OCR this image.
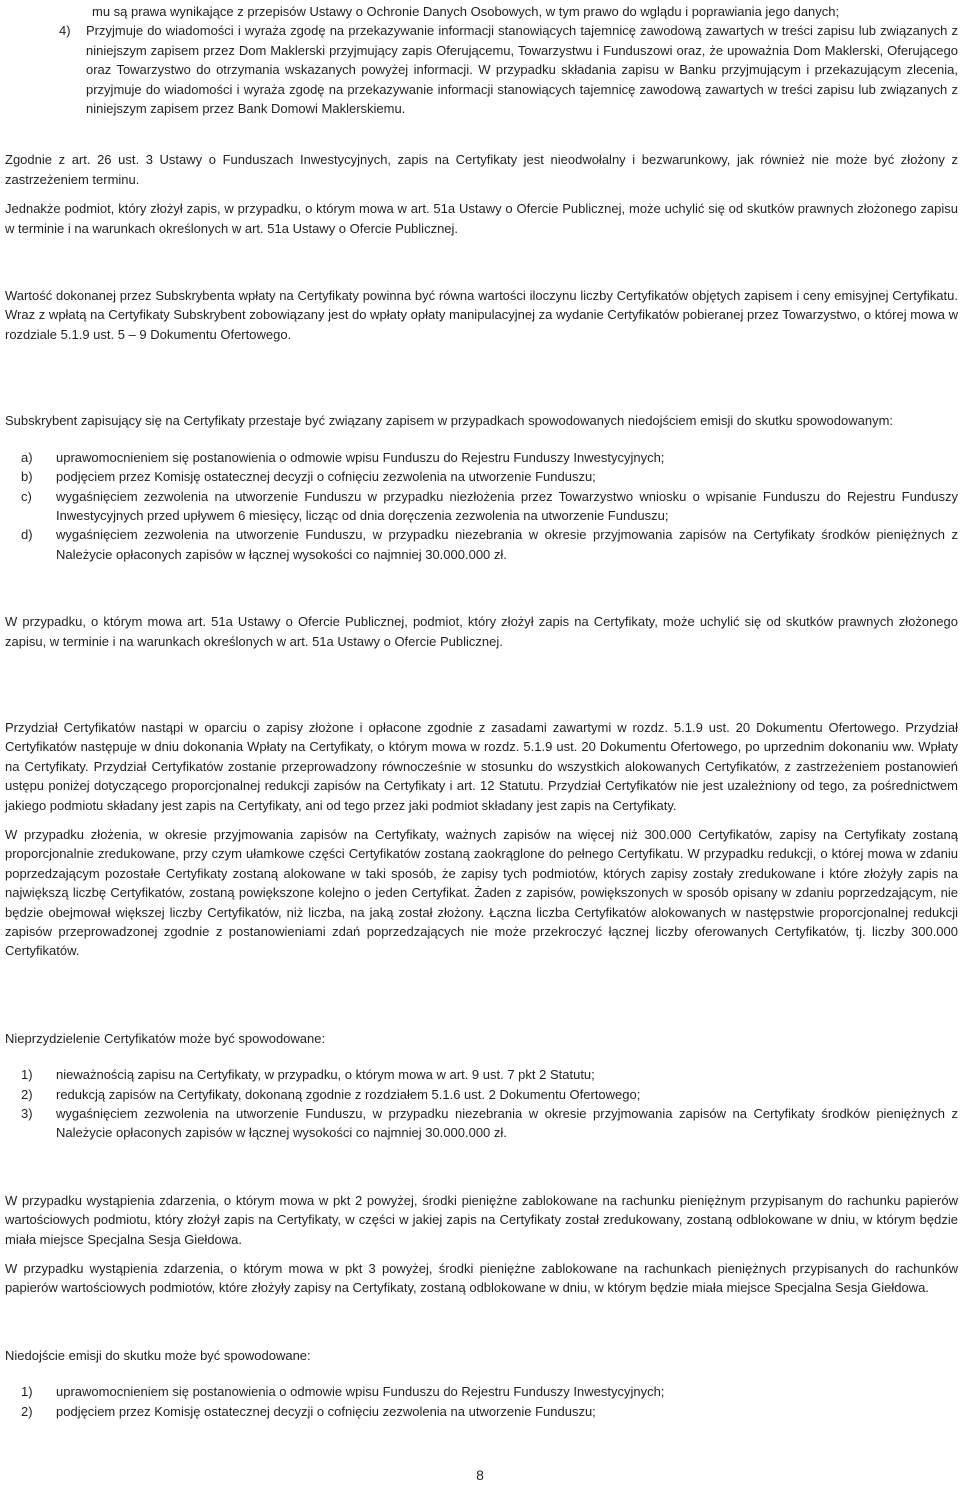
mu są prawa wynikające z przepisów Ustawy o Ochronie Danych Osobowych, w tym prawo do wglądu i poprawiania jego danych;

4) Przyjmuje do wiadomości i wyraża zgodę na przekazywanie informacji stanowiących tajemnicę zawodową zawartych w treści zapisu lub związanych z niniejszym zapisem przez Dom Maklerski przyjmujący zapis Oferującemu, Towarzystwu i Funduszowi oraz, że upoważnia Dom Maklerski, Oferującego oraz Towarzystwo do otrzymania wskazanych powyżej informacji. W przypadku składania zapisu w Banku przyjmującym i przekazującym zlecenia, przyjmuje do wiadomości i wyraża zgodę na przekazywanie informacji stanowiących tajemnicę zawodową zawartych w treści zapisu lub związanych z niniejszym zapisem przez Bank Domowi Maklerskiemu.

Zgodnie z art. 26 ust. 3 Ustawy o Funduszach Inwestycyjnych, zapis na Certyfikaty jest nieodwołalny i bezwarunkowy, jak również nie może być złożony z zastrzeżeniem terminu.

Jednakże podmiot, który złożył zapis, w przypadku, o którym mowa w art. 51a Ustawy o Ofercie Publicznej, może uchylić się od skutków prawnych złożonego zapisu w terminie i na warunkach określonych w art. 51a Ustawy o Ofercie Publicznej.

Wartość dokonanej przez Subskrybenta wpłaty na Certyfikaty powinna być równa wartości iloczynu liczby Certyfikatów objętych zapisem i ceny emisyjnej Certyfikatu. Wraz z wpłatą na Certyfikaty Subskrybent zobowiązany jest do wpłaty opłaty manipulacyjnej za wydanie Certyfikatów pobieranej przez Towarzystwo, o której mowa w rozdziale 5.1.9 ust. 5 – 9 Dokumentu Ofertowego.

Subskrybent zapisujący się na Certyfikaty przestaje być związany zapisem w przypadkach spowodowanych niedojściem emisji do skutku spowodowanym:

a) uprawomocnieniem się postanowienia o odmowie wpisu Funduszu do Rejestru Funduszy Inwestycyjnych;
b) podjęciem przez Komisję ostatecznej decyzji o cofnięciu zezwolenia na utworzenie Funduszu;
c) wygaśnięciem zezwolenia na utworzenie Funduszu w przypadku niezłożenia przez Towarzystwo wniosku o wpisanie Funduszu do Rejestru Funduszy Inwestycyjnych przed upływem 6 miesięcy, licząc od dnia doręczenia zezwolenia na utworzenie Funduszu;
d) wygaśnięciem zezwolenia na utworzenie Funduszu, w przypadku niezebrania w okresie przyjmowania zapisów na Certyfikaty środków pieniężnych z Należycie opłaconych zapisów w łącznej wysokości co najmniej 30.000.000 zł.

W przypadku, o którym mowa art. 51a Ustawy o Ofercie Publicznej, podmiot, który złożył zapis na Certyfikaty, może uchylić się od skutków prawnych złożonego zapisu, w terminie i na warunkach określonych w art. 51a Ustawy o Ofercie Publicznej.

Przydział Certyfikatów nastąpi w oparciu o zapisy złożone i opłacone zgodnie z zasadami zawartymi w rozdz. 5.1.9 ust. 20 Dokumentu Ofertowego. Przydział Certyfikatów następuje w dniu dokonania Wpłaty na Certyfikaty, o którym mowa w rozdz. 5.1.9 ust. 20 Dokumentu Ofertowego, po uprzednim dokonaniu ww. Wpłaty na Certyfikaty. Przydział Certyfikatów zostanie przeprowadzony równocześnie w stosunku do wszystkich alokowanych Certyfikatów, z zastrzeżeniem postanowień ustępu poniżej dotyczącego proporcjonalnej redukcji zapisów na Certyfikaty i art. 12 Statutu. Przydział Certyfikatów nie jest uzależniony od tego, za pośrednictwem jakiego podmiotu składany jest zapis na Certyfikaty, ani od tego przez jaki podmiot składany jest zapis na Certyfikaty.

W przypadku złożenia, w okresie przyjmowania zapisów na Certyfikaty, ważnych zapisów na więcej niż 300.000 Certyfikatów, zapisy na Certyfikaty zostaną proporcjonalnie zredukowane, przy czym ułamkowe części Certyfikatów zostaną zaokrąglone do pełnego Certyfikatu. W przypadku redukcji, o której mowa w zdaniu poprzedzającym pozostałe Certyfikaty zostaną alokowane w taki sposób, że zapisy tych podmiotów, których zapisy zostały zredukowane i które złożyły zapis na największą liczbę Certyfikatów, zostaną powiększone kolejno o jeden Certyfikat. Żaden z zapisów, powiększonych w sposób opisany w zdaniu poprzedzającym, nie będzie obejmował większej liczby Certyfikatów, niż liczba, na jaką został złożony. Łączna liczba Certyfikatów alokowanych w następstwie proporcjonalnej redukcji zapisów przeprowadzonej zgodnie z postanowieniami zdań poprzedzających nie może przekroczyć łącznej liczby oferowanych Certyfikatów, tj. liczby 300.000 Certyfikatów.

Nieprzydzielenie Certyfikatów może być spowodowane:

1) nieważnością zapisu na Certyfikaty, w przypadku, o którym mowa w art. 9 ust. 7 pkt 2 Statutu;
2) redukcją zapisów na Certyfikaty, dokonaną zgodnie z rozdziałem 5.1.6 ust. 2 Dokumentu Ofertowego;
3) wygaśnięciem zezwolenia na utworzenie Funduszu, w przypadku niezebrania w okresie przyjmowania zapisów na Certyfikaty środków pieniężnych z Należycie opłaconych zapisów w łącznej wysokości co najmniej 30.000.000 zł.

W przypadku wystąpienia zdarzenia, o którym mowa w pkt 2 powyżej, środki pieniężne zablokowane na rachunku pieniężnym przypisanym do rachunku papierów wartościowych podmiotu, który złożył zapis na Certyfikaty, w części w jakiej zapis na Certyfikaty został zredukowany, zostaną odblokowane w dniu, w którym będzie miała miejsce Specjalna Sesja Giełdowa.

W przypadku wystąpienia zdarzenia, o którym mowa w pkt 3 powyżej, środki pieniężne zablokowane na rachunkach pieniężnych przypisanych do rachunków papierów wartościowych podmiotów, które złożyły zapisy na Certyfikaty, zostaną odblokowane w dniu, w którym będzie miała miejsce Specjalna Sesja Giełdowa.

Niedojście emisji do skutku może być spowodowane:

1) uprawomocnieniem się postanowienia o odmowie wpisu Funduszu do Rejestru Funduszy Inwestycyjnych;
2) podjęciem przez Komisję ostatecznej decyzji o cofnięciu zezwolenia na utworzenie Funduszu;
8
